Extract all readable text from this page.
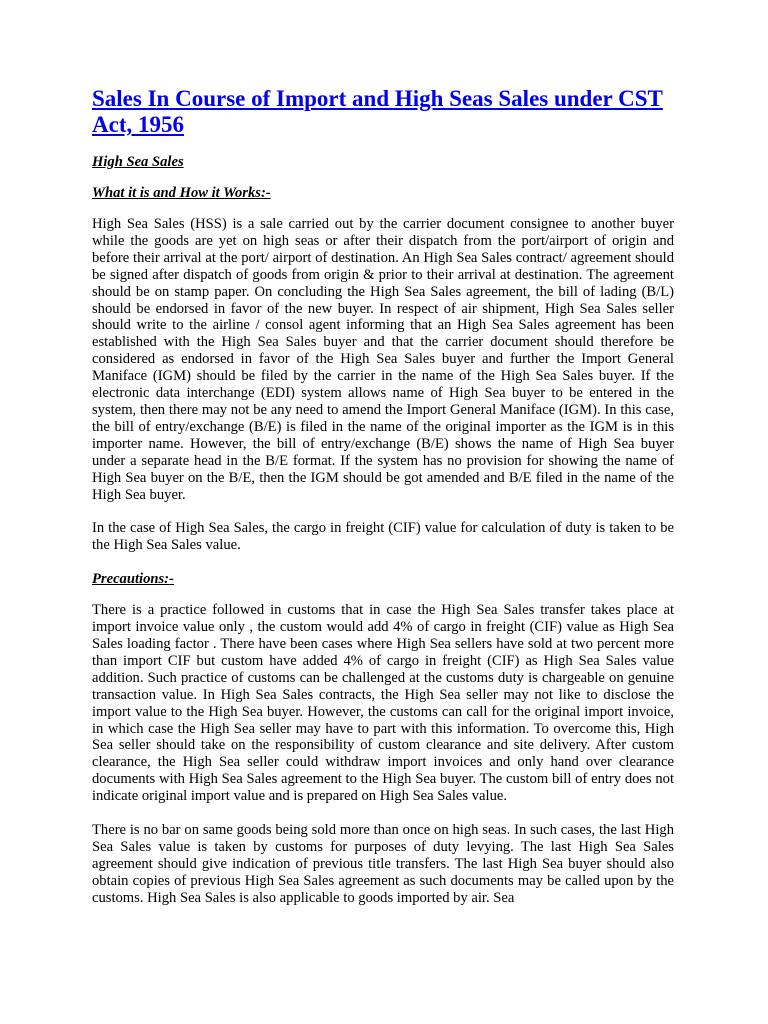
Sales In Course of Import and High Seas Sales under CST Act, 1956
High Sea Sales
What it is and How it Works:-

High Sea Sales (HSS) is a sale carried out by the carrier document consignee to another buyer while the goods are yet on high seas or after their dispatch from the port/airport of origin and before their arrival at the port/ airport of destination. An High Sea Sales contract/ agreement should be signed after dispatch of goods from origin & prior to their arrival at destination. The agreement should be on stamp paper. On concluding the High Sea Sales agreement, the bill of lading (B/L) should be endorsed in favor of the new buyer. In respect of air shipment, High Sea Sales seller should write to the airline / consol agent informing that an High Sea Sales agreement has been established with the High Sea Sales buyer and that the carrier document should therefore be considered as endorsed in favor of the High Sea Sales buyer and further the Import General Maniface (IGM) should be filed by the carrier in the name of the High Sea Sales buyer. If the electronic data interchange (EDI) system allows name of High Sea buyer to be entered in the system, then there may not be any need to amend the Import General Maniface (IGM). In this case, the bill of entry/exchange (B/E) is filed in the name of the original importer as the IGM is in this importer name. However, the bill of entry/exchange (B/E) shows the name of High Sea buyer under a separate head in the B/E format. If the system has no provision for showing the name of High Sea buyer on the B/E, then the IGM should be got amended and B/E filed in the name of the High Sea buyer.

In the case of High Sea Sales, the cargo in freight (CIF) value for calculation of duty is taken to be the High Sea Sales value.

Precautions:-

There is a practice followed in customs that in case the High Sea Sales transfer takes place at import invoice value only , the custom would add 4% of cargo in freight (CIF) value as High Sea Sales loading factor . There have been cases where High Sea sellers have sold at two percent more than import CIF but custom have added 4% of cargo in freight (CIF) as High Sea Sales value addition. Such practice of customs can be challenged at the customs duty is chargeable on genuine transaction value. In High Sea Sales contracts, the High Sea seller may not like to disclose the import value to the High Sea buyer. However, the customs can call for the original import invoice, in which case the High Sea seller may have to part with this information. To overcome this, High Sea seller should take on the responsibility of custom clearance and site delivery. After custom clearance, the High Sea seller could withdraw import invoices and only hand over clearance documents with High Sea Sales agreement to the High Sea buyer. The custom bill of entry does not indicate original import value and is prepared on High Sea Sales value.

There is no bar on same goods being sold more than once on high seas. In such cases, the last High Sea Sales value is taken by customs for purposes of duty levying. The last High Sea Sales agreement should give indication of previous title transfers. The last High Sea buyer should also obtain copies of previous High Sea Sales agreement as such documents may be called upon by the customs. High Sea Sales is also applicable to goods imported by air. Sea
